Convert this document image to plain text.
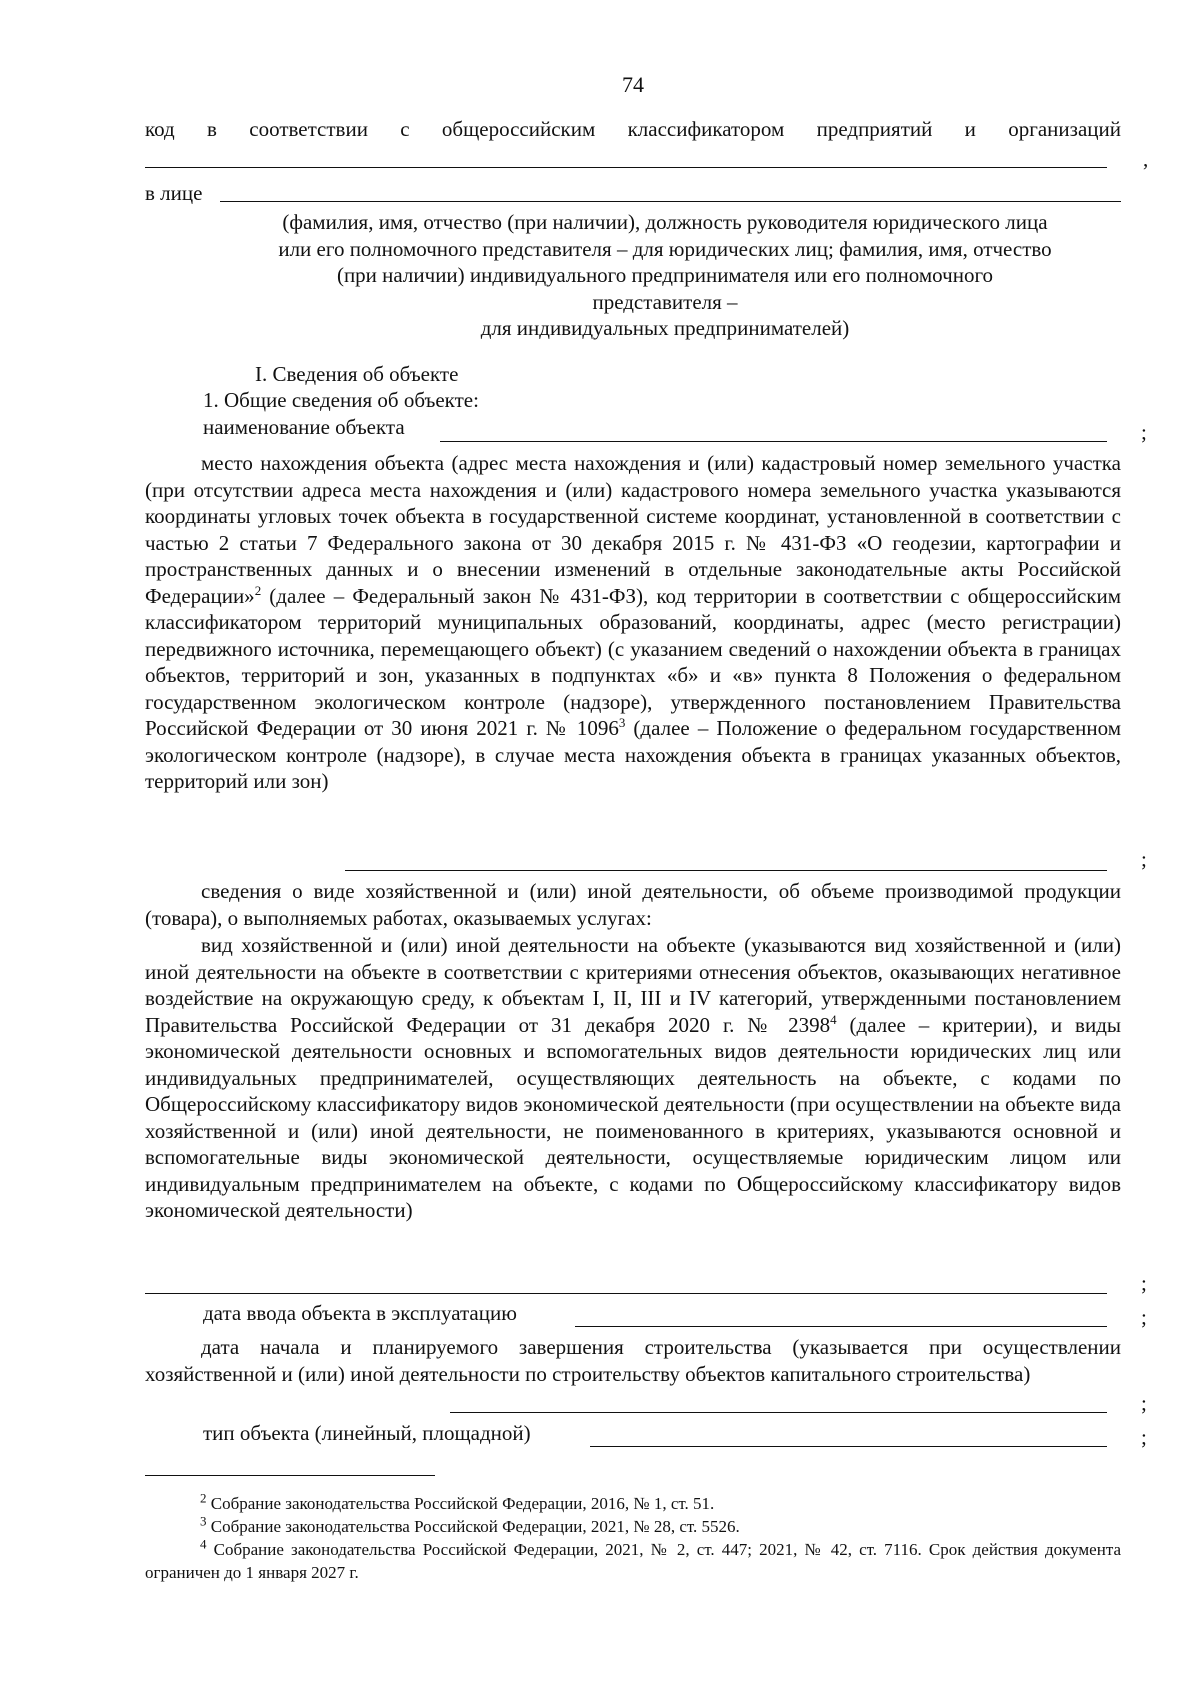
74
код в соответствии с общероссийским классификатором предприятий и организаций
,
в лице
(фамилия, имя, отчество (при наличии), должность руководителя юридического лица
или его полномочного представителя – для юридических лиц; фамилия, имя, отчество
(при наличии) индивидуального предпринимателя или его полномочного
представителя –
для индивидуальных предпринимателей)
I. Сведения об объекте
1. Общие сведения об объекте:
наименование объекта	;
место нахождения объекта (адрес места нахождения и (или) кадастровый номер земельного участка (при отсутствии адреса места нахождения и (или) кадастрового номера земельного участка указываются координаты угловых точек объекта в государственной системе координат, установленной в соответствии с частью 2 статьи 7 Федерального закона от 30 декабря 2015 г. № 431-ФЗ «О геодезии, картографии и пространственных данных и о внесении изменений в отдельные законодательные акты Российской Федерации»$^2$ (далее – Федеральный закон № 431-ФЗ), код территории в соответствии с общероссийским классификатором территорий муниципальных образований, координаты, адрес (место регистрации) передвижного источника, перемещающего объект) (с указанием сведений о нахождении объекта в границах объектов, территорий и зон, указанных в подпунктах «б» и «в» пункта 8 Положения о федеральном государственном экологическом контроле (надзоре), утвержденного постановлением Правительства Российской Федерации от 30 июня 2021 г. № 1096$^3$ (далее – Положение о федеральном государственном экологическом контроле (надзоре), в случае места нахождения объекта в границах указанных объектов, территорий или зон)
;
сведения о виде хозяйственной и (или) иной деятельности, об объеме производимой продукции (товара), о выполняемых работах, оказываемых услугах:
вид хозяйственной и (или) иной деятельности на объекте (указываются вид хозяйственной и (или) иной деятельности на объекте в соответствии с критериями отнесения объектов, оказывающих негативное воздействие на окружающую среду, к объектам I, II, III и IV категорий, утвержденными постановлением Правительства Российской Федерации от 31 декабря 2020 г. № 2398$^4$ (далее – критерии), и виды экономической деятельности основных и вспомогательных видов деятельности юридических лиц или индивидуальных предпринимателей, осуществляющих деятельность на объекте, с кодами по Общероссийскому классификатору видов экономической деятельности (при осуществлении на объекте вида хозяйственной и (или) иной деятельности, не поименованного в критериях, указываются основной и вспомогательные виды экономической деятельности, осуществляемые юридическим лицом или индивидуальным предпринимателем на объекте, с кодами по Общероссийскому классификатору видов экономической деятельности)
;
дата ввода объекта в эксплуатацию	;
дата начала и планируемого завершения строительства (указывается при осуществлении хозяйственной и (или) иной деятельности по строительству объектов капитального строительства)
;
тип объекта (линейный, площадной)	;
$^2$ Собрание законодательства Российской Федерации, 2016, № 1, ст. 51.
$^3$ Собрание законодательства Российской Федерации, 2021, № 28, ст. 5526.
$^4$ Собрание законодательства Российской Федерации, 2021, № 2, ст. 447; 2021, № 42, ст. 7116. Срок действия документа ограничен до 1 января 2027 г.
